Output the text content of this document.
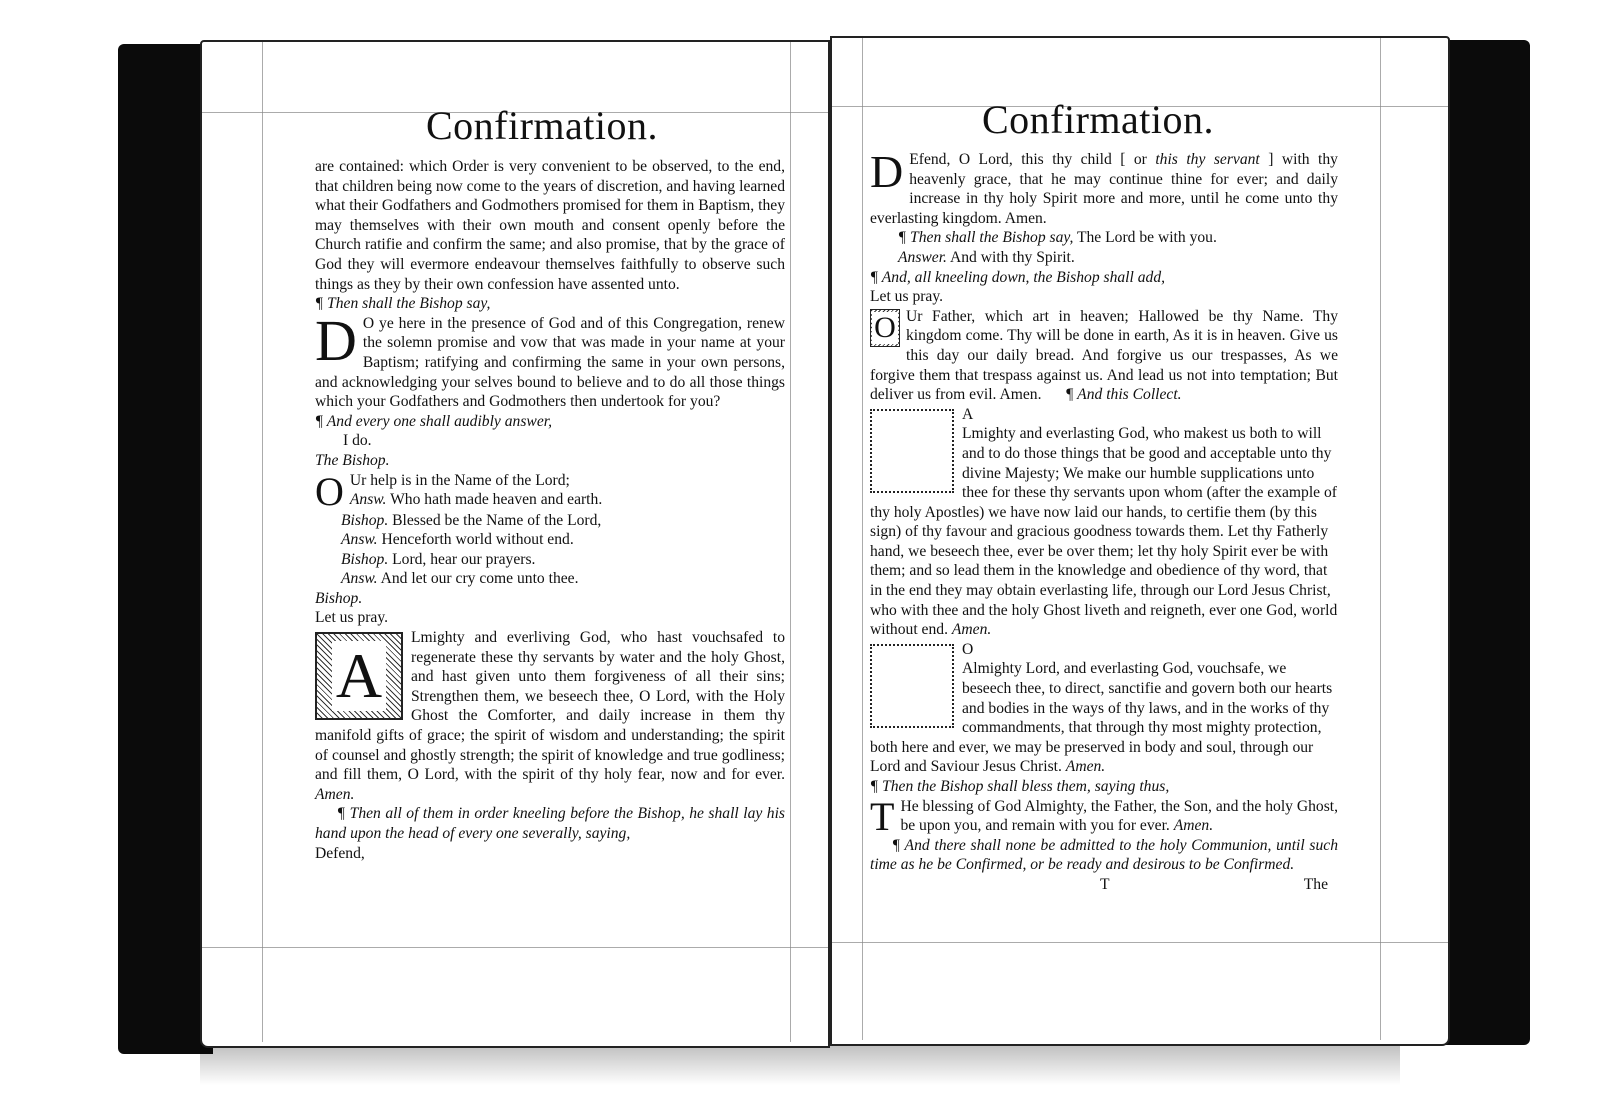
Confirmation.

are contained: which Order is very convenient to be observed, to the end, that children being now come to the years of discretion, and having learned what their Godfathers and Godmothers promised for them in Baptism, they may themselves with their own mouth and consent openly before the Church ratifie and confirm the same; and also promise, that by the grace of God they will evermore endeavour themselves faithfully to observe such things as they by their own confession have assented unto.

¶ Then shall the Bishop say,

D O ye here in the presence of God and of this Congregation, renew the solemn promise and vow that was made in your name at your Baptism; ratifying and confirming the same in your own persons, and acknowledging your selves bound to believe and to do all those things which your Godfathers and Godmothers then undertook for you?

¶ And every one shall audibly answer,

I do.

The Bishop.

O Ur help is in the Name of the Lord;

Answ. Who hath made heaven and earth.

Bishop. Blessed be the Name of the Lord,

Answ. Henceforth world without end.

Bishop. Lord, hear our prayers.

Answ. And let our cry come unto thee.

Bishop.

Let us pray.

A
Lmighty and everliving God, who hast vouchsafed to regenerate these thy servants by water and the holy Ghost, and hast given unto them forgiveness of all their sins; Strengthen them, we beseech thee, O Lord, with the Holy Ghost the Comforter, and daily increase in them thy manifold gifts of grace; the spirit of wisdom and understanding; the spirit of counsel and ghostly strength; the spirit of knowledge and true godliness; and fill them, O Lord, with the spirit of thy holy fear, now and for ever. Amen.

¶ Then all of them in order kneeling before the Bishop, he shall lay his hand upon the head of every one severally, saying,

Defend,

Confirmation.

D Efend, O Lord, this thy child [ or this thy servant ] with thy heavenly grace, that he may continue thine for ever; and daily increase in thy holy Spirit more and more, until he come unto thy everlasting kingdom. Amen.

¶ Then shall the Bishop say, The Lord be with you.

Answer. And with thy Spirit.

¶ And, all kneeling down, the Bishop shall add,

Let us pray.

O Ur Father, which art in heaven; Hallowed be thy Name. Thy kingdom come. Thy will be done in earth, As it is in heaven. Give us this day our daily bread. And forgive us our trespasses, As we forgive them that trespass against us. And lead us not into temptation; But deliver us from evil. Amen. ¶ And this Collect.

A
Lmighty and everlasting God, who makest us both to will and to do those things that be good and acceptable unto thy divine Majesty; We make our humble supplications unto thee for these thy servants upon whom (after the example of thy holy Apostles) we have now laid our hands, to certifie them (by this sign) of thy favour and gracious goodness towards them. Let thy Fatherly hand, we beseech thee, ever be over them; let thy holy Spirit ever be with them; and so lead them in the knowledge and obedience of thy word, that in the end they may obtain everlasting life, through our Lord Jesus Christ, who with thee and the holy Ghost liveth and reigneth, ever one God, world without end. Amen.

O
Almighty Lord, and everlasting God, vouchsafe, we beseech thee, to direct, sanctifie and govern both our hearts and bodies in the ways of thy laws, and in the works of thy commandments, that through thy most mighty protection, both here and ever, we may be preserved in body and soul, through our Lord and Saviour Jesus Christ. Amen.

¶ Then the Bishop shall bless them, saying thus,

T He blessing of God Almighty, the Father, the Son, and the holy Ghost, be upon you, and remain with you for ever. Amen.

¶ And there shall none be admitted to the holy Communion, until such time as he be Confirmed, or be ready and desirous to be Confirmed.

T	The
